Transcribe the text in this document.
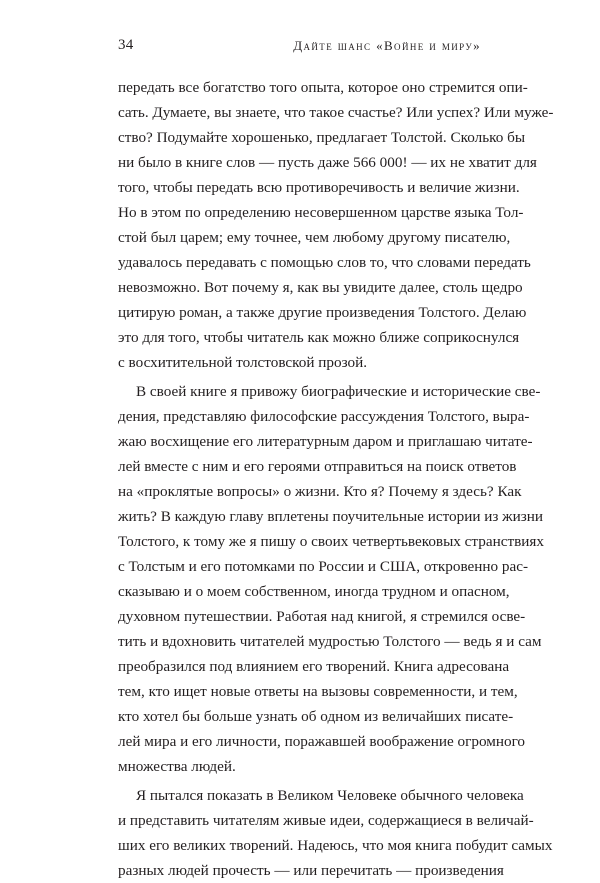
34	Дайте шанс «Войне и миру»
передать все богатство того опыта, которое оно стремится опи-
сать. Думаете, вы знаете, что такое счастье? Или успех? Или муже-
ство? Подумайте хорошенько, предлагает Толстой. Сколько бы
ни было в книге слов — пусть даже 566 000! — их не хватит для
того, чтобы передать всю противоречивость и величие жизни.
Но в этом по определению несовершенном царстве языка Тол-
стой был царем; ему точнее, чем любому другому писателю,
удавалось передавать с помощью слов то, что словами передать
невозможно. Вот почему я, как вы увидите далее, столь щедро
цитирую роман, а также другие произведения Толстого. Делаю
это для того, чтобы читатель как можно ближе соприкоснулся
с восхитительной толстовской прозой.
В своей книге я привожу биографические и исторические све-
дения, представляю философские рассуждения Толстого, выра-
жаю восхищение его литературным даром и приглашаю читате-
лей вместе с ним и его героями отправиться на поиск ответов
на «проклятые вопросы» о жизни. Кто я? Почему я здесь? Как
жить? В каждую главу вплетены поучительные истории из жизни
Толстого, к тому же я пишу о своих четвертьвековых странствиях
с Толстым и его потомками по России и США, откровенно рас-
сказываю и о моем собственном, иногда трудном и опасном,
духовном путешествии. Работая над книгой, я стремился осве-
тить и вдохновить читателей мудростью Толстого — ведь я и сам
преобразился под влиянием его творений. Книга адресована
тем, кто ищет новые ответы на вызовы современности, и тем,
кто хотел бы больше узнать об одном из величайших писате-
лей мира и его личности, поражавшей воображение огромного
множества людей.
Я пытался показать в Великом Человеке обычного человека
и представить читателям живые идеи, содержащиеся в величай-
ших его великих творений. Надеюсь, что моя книга побудит самых
разных людей прочесть — или перечитать — произведения
